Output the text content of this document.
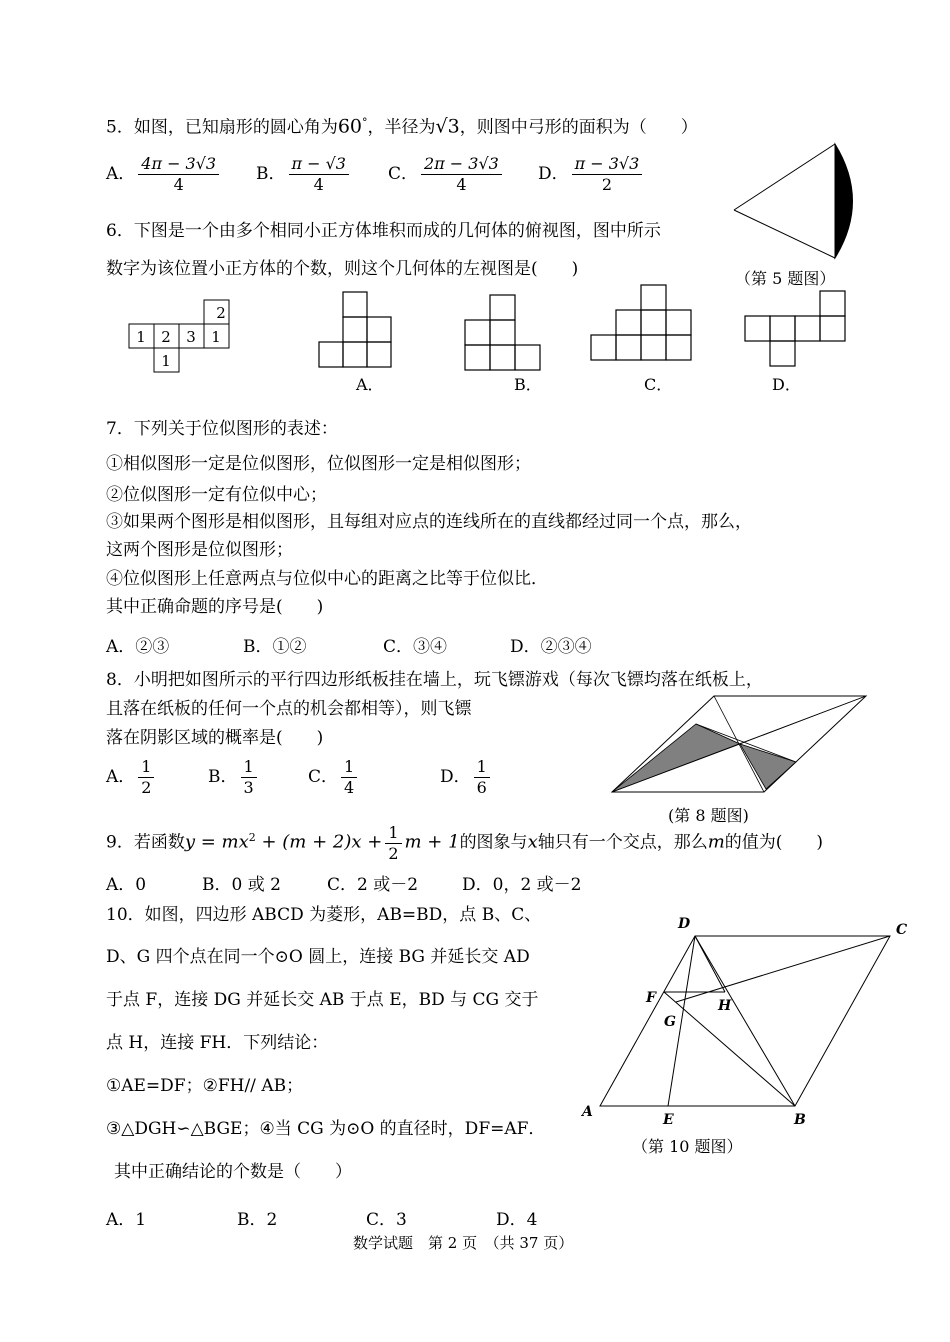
5．如图，已知扇形的圆心角为60°，半径为√3，则图中弓形的面积为（　　）
A． $\frac{4\pi - 3√3}{4}$ B． $\frac{\pi - √3}{4}$ C． $\frac{2\pi - 3√3}{4}$ D． $\frac{\pi - 3√3}{2}$
（第 5 题图）
6．下图是一个由多个相同小正方体堆积而成的几何体的俯视图，图中所示
数字为该位置小正方体的个数，则这个几何体的左视图是(　　)
2
1 2 3 1
1
A．	B．	C．	D．
7．下列关于位似图形的表述：
①相似图形一定是位似图形，位似图形一定是相似图形；
②位似图形一定有位似中心；
③如果两个图形是相似图形，且每组对应点的连线所在的直线都经过同一个点，那么，
这两个图形是位似图形；
④位似图形上任意两点与位似中心的距离之比等于位似比．
其中正确命题的序号是(　　)
A．②③	B．①②	C．③④	D．②③④
8．小明把如图所示的平行四边形纸板挂在墙上，玩飞镖游戏（每次飞镖均落在纸板上，
且落在纸板的任何一个点的机会都相等），则飞镖
落在阴影区域的概率是(　　)
A． $\frac{1}{2}$	B． $\frac{1}{3}$	C． $\frac{1}{4}$	D． $\frac{1}{6}$
(第 8 题图)
9．若函数$y = mx^2 + (m + 2)x + \frac{1}{2}$ m + 1的图象与x轴只有一个交点，那么m的值为(　　)
A．0	B．0 或 2	C．2 或－2	D．0，2 或－2
10．如图，四边形 ABCD 为菱形，AB=BD，点 B、C、
D、G 四个点在同一个⊙O 圆上，连接 BG 并延长交 AD
于点 F，连接 DG 并延长交 AB 于点 E，BD 与 CG 交于
点 H，连接 FH．下列结论：
①AE=DF；②FH// AB；
③△DGH∽△BGE；④当 CG 为⊙O 的直径时，DF=AF．
其中正确结论的个数是（　　）
A．1	B．2	C．3	D．4
D	C
F	H
G
A	E	B
（第 10 题图）
数学试题　第 2 页　（共 37 页）
